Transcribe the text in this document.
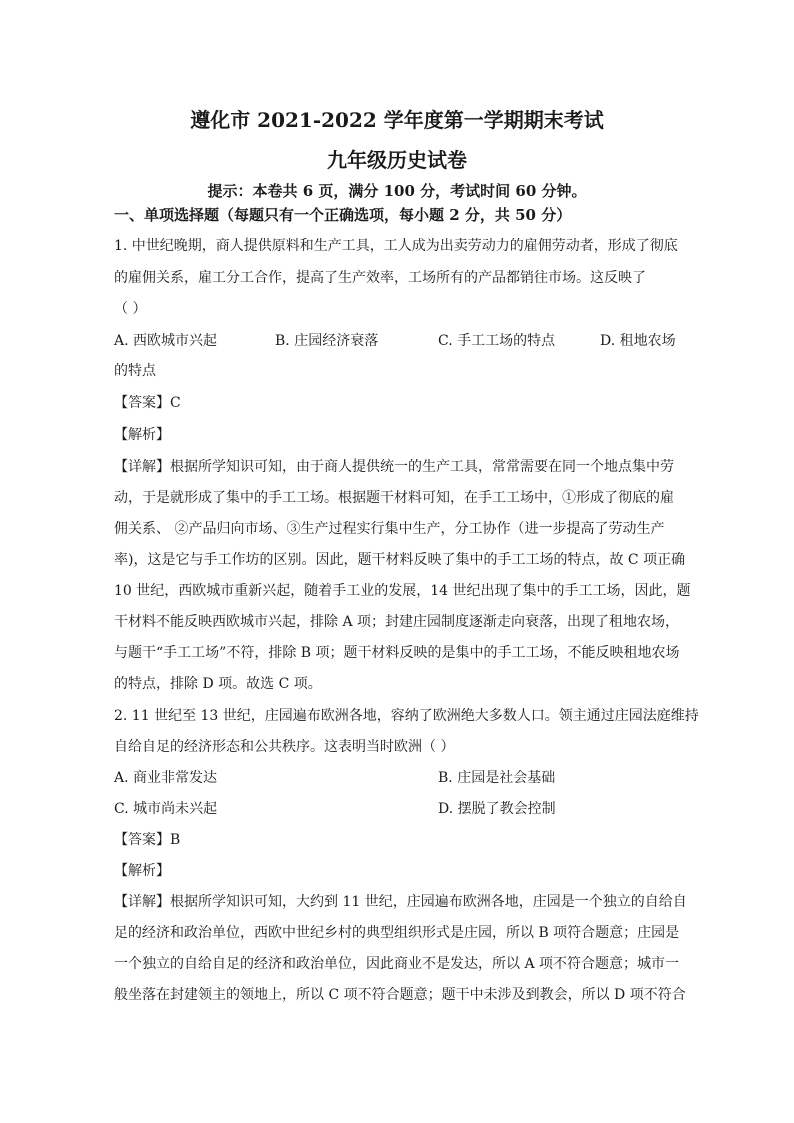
遵化市 2021-2022 学年度第一学期期末考试
九年级历史试卷
提示：本卷共 6 页，满分 100 分，考试时间 60 分钟。
一、单项选择题（每题只有一个正确选项，每小题 2 分，共 50 分）
1. 中世纪晚期，商人提供原料和生产工具，工人成为出卖劳动力的雇佣劳动者，形成了彻底
的雇佣关系，雇工分工合作，提高了生产效率，工场所有的产品都销往市场。这反映了
（ ）
A. 西欧城市兴起	B. 庄园经济衰落	C. 手工工场的特点	D. 租地农场
的特点
【答案】C
【解析】
【详解】根据所学知识可知，由于商人提供统一的生产工具，常常需要在同一个地点集中劳
动，于是就形成了集中的手工工场。根据题干材料可知，在手工工场中，①形成了彻底的雇
佣关系、 ②产品归向市场、③生产过程实行集中生产，分工协作（进一步提高了劳动生产
率)，这是它与手工作坊的区别。因此，题干材料反映了集中的手工工场的特点，故 C 项正确
10 世纪，西欧城市重新兴起，随着手工业的发展，14 世纪出现了集中的手工工场，因此，题
干材料不能反映西欧城市兴起，排除 A 项；封建庄园制度逐渐走向衰落，出现了租地农场，
与题干“手工工场”不符，排除 B 项；题干材料反映的是集中的手工工场，不能反映租地农场
的特点，排除 D 项。故选 C 项。
2. 11 世纪至 13 世纪，庄园遍布欧洲各地，容纳了欧洲绝大多数人口。领主通过庄园法庭维持
自给自足的经济形态和公共秩序。这表明当时欧洲（ ）
A. 商业非常发达	B. 庄园是社会基础
C. 城市尚未兴起	D. 摆脱了教会控制
【答案】B
【解析】
【详解】根据所学知识可知，大约到 11 世纪，庄园遍布欧洲各地，庄园是一个独立的自给自
足的经济和政治单位，西欧中世纪乡村的典型组织形式是庄园，所以 B 项符合题意；庄园是
一个独立的自给自足的经济和政治单位，因此商业不是发达，所以 A 项不符合题意；城市一
般坐落在封建领主的领地上，所以 C 项不符合题意；题干中未涉及到教会，所以 D 项不符合
